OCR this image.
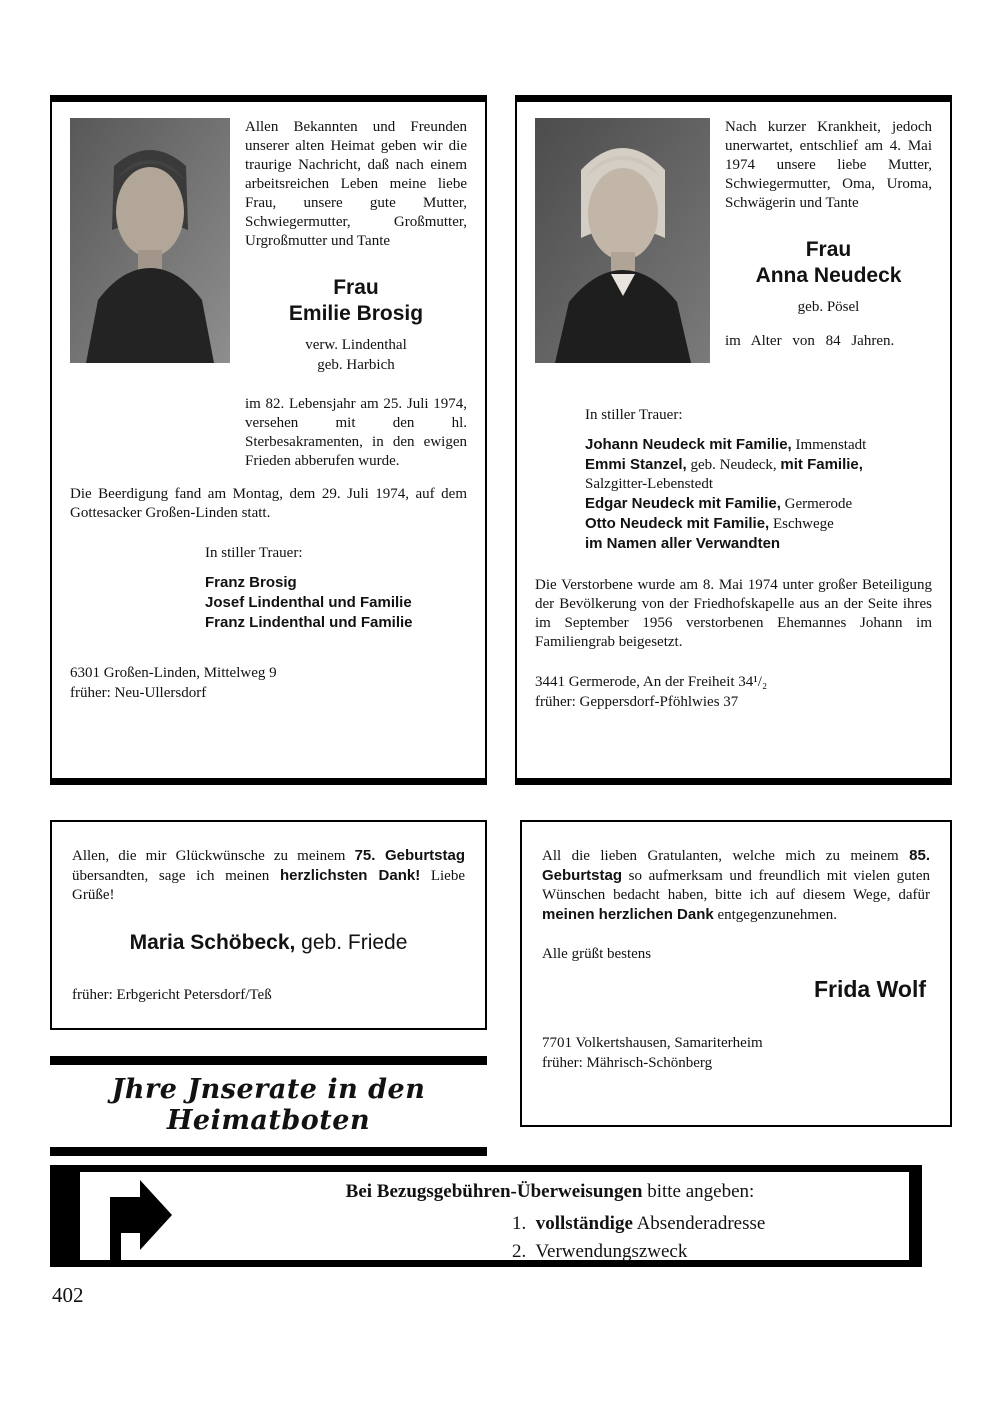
Allen Bekannten und Freunden unserer alten Heimat geben wir die traurige Nachricht, daß nach einem arbeitsreichen Leben meine liebe Frau, unsere gute Mutter, Schwiegermutter, Großmutter, Urgroßmutter und Tante

Frau
Emilie Brosig
verw. Lindenthal
geb. Harbich

im 82. Lebensjahr am 25. Juli 1974, versehen mit den hl. Sterbesakramenten, in den ewigen Frieden abberufen wurde.

Die Beerdigung fand am Montag, dem 29. Juli 1974, auf dem Gottesacker Großen-Linden statt.

In stiller Trauer:
Franz Brosig
Josef Lindenthal und Familie
Franz Lindenthal und Familie
6301 Großen-Linden, Mittelweg 9
früher: Neu-Ullersdorf

Nach kurzer Krankheit, jedoch unerwartet, entschlief am 4. Mai 1974 unsere liebe Mutter, Schwiegermutter, Oma, Uroma, Schwägerin und Tante

Frau
Anna Neudeck
geb. Pösel
im Alter von 84 Jahren.
In stiller Trauer:
Johann Neudeck mit Familie, Immenstadt
Emmi Stanzel, geb. Neudeck, mit Familie,
Salzgitter-Lebenstedt
Edgar Neudeck mit Familie, Germerode
Otto Neudeck mit Familie, Eschwege
im Namen aller Verwandten

Die Verstorbene wurde am 8. Mai 1974 unter großer Beteiligung der Bevölkerung von der Friedhofskapelle aus an der Seite ihres im September 1956 verstorbenen Ehemannes Johann im Familiengrab beigesetzt.

3441 Germerode, An der Freiheit 34¹/₂
früher: Geppersdorf-Pföhlwies 37

Allen, die mir Glückwünsche zu meinem 75. Geburtstag übersandten, sage ich meinen herzlichsten Dank! Liebe Grüße!

Maria Schöbeck, geb. Friede
früher: Erbgericht Petersdorf/Teß

All die lieben Gratulanten, welche mich zu meinem 85. Geburtstag so aufmerksam und freundlich mit vielen guten Wünschen bedacht haben, bitte ich auf diesem Wege, dafür meinen herzlichen Dank entgegenzunehmen.

Alle grüßt bestens
Frida Wolf
7701 Volkertshausen, Samariterheim
früher: Mährisch-Schönberg
Jhre Jnserate in den Heimatboten
Bei Bezugsgebühren-Überweisungen bitte angeben:
1.  vollständige Absenderadresse
2.  Verwendungszweck
402
